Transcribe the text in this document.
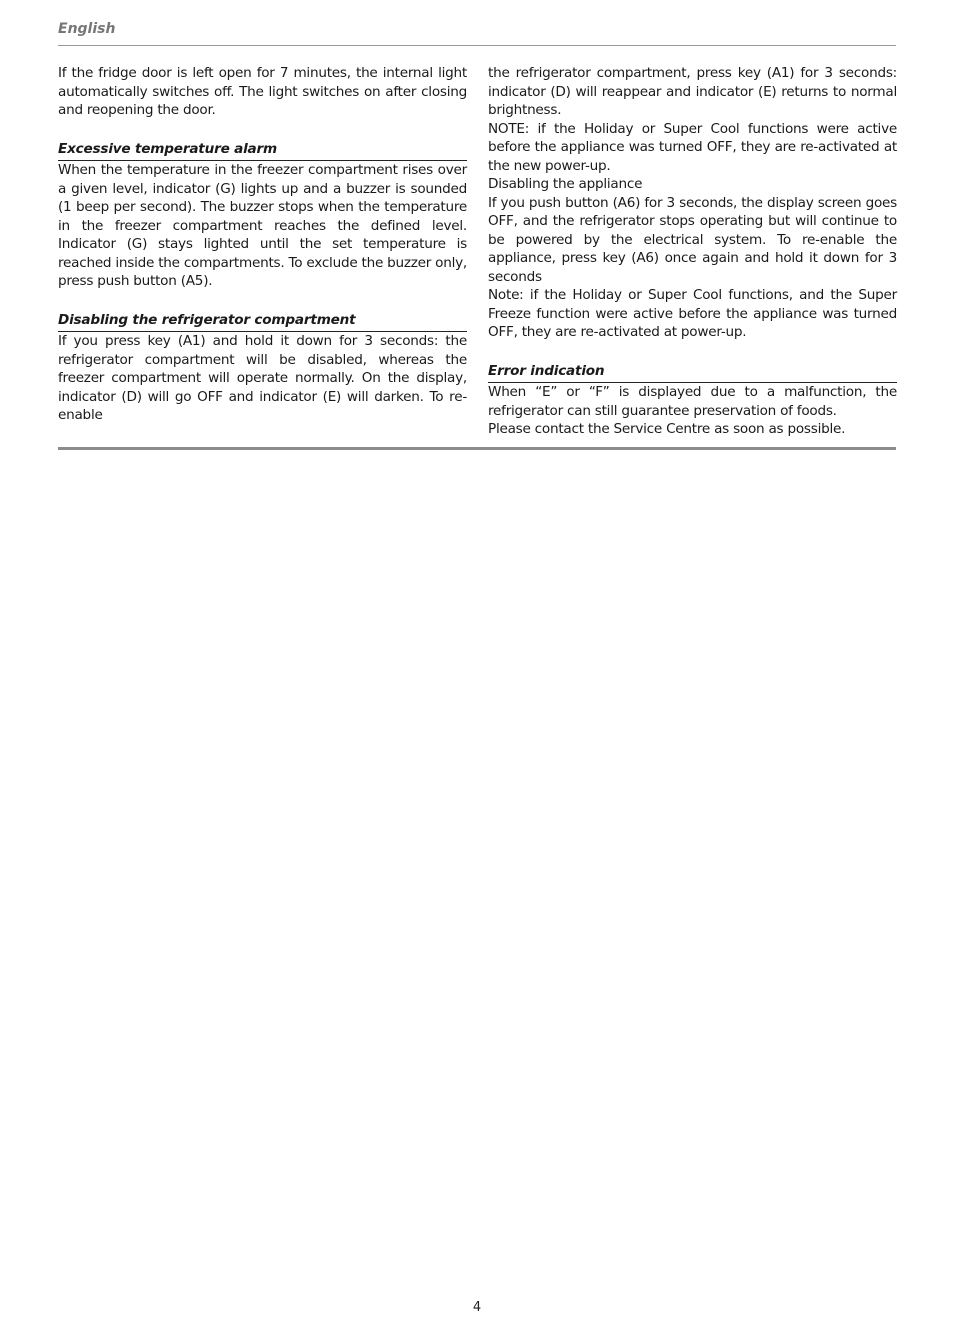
English

If the fridge door is left open for 7 minutes, the internal light automatically switches off. The light switches on after closing and reopening the door.

Excessive temperature alarm

When the temperature in the freezer compartment rises over a given level, indicator (G) lights up and a buzzer is sounded (1 beep per second). The buzzer stops when the temperature in the freezer compartment reaches the defined level. Indicator (G) stays lighted until the set temperature is reached inside the compartments. To exclude the buzzer only, press push button (A5).

Disabling the refrigerator compartment

If you press key (A1) and hold it down for 3 seconds: the refrigerator compartment will be disabled, whereas the freezer compartment will operate normally. On the display, indicator (D) will go OFF and indicator (E) will darken. To re-enable

the refrigerator compartment, press key (A1) for 3 seconds: indicator (D) will reappear and indicator (E) returns to normal brightness.

NOTE: if the Holiday or Super Cool functions were active before the appliance was turned OFF, they are re-activated at the new power-up.

Disabling the appliance

If you push button (A6) for 3 seconds, the display screen goes OFF, and the refrigerator stops operating but will continue to be powered by the electrical system. To re-enable the appliance, press key (A6) once again and hold it down for 3 seconds

Note: if the Holiday or Super Cool functions, and the Super Freeze function were active before the appliance was turned OFF, they are re-activated at power-up.

Error indication

When “E” or “F” is displayed due to a malfunction, the refrigerator can still guarantee preservation of foods.

Please contact the Service Centre as soon as possible.

4
